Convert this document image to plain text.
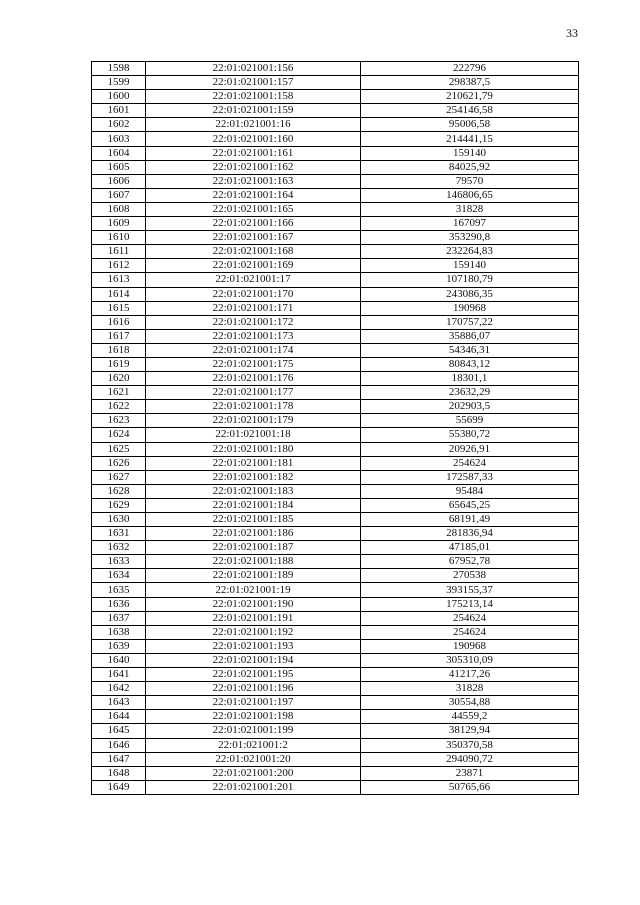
33
1598	22:01:021001:156	222796
1599	22:01:021001:157	298387,5
1600	22:01:021001:158	210621,79
1601	22:01:021001:159	254146,58
1602	22:01:021001:16	95006,58
1603	22:01:021001:160	214441,15
1604	22:01:021001:161	159140
1605	22:01:021001:162	84025,92
1606	22:01:021001:163	79570
1607	22:01:021001:164	146806,65
1608	22:01:021001:165	31828
1609	22:01:021001:166	167097
1610	22:01:021001:167	353290,8
1611	22:01:021001:168	232264,83
1612	22:01:021001:169	159140
1613	22:01:021001:17	107180,79
1614	22:01:021001:170	243086,35
1615	22:01:021001:171	190968
1616	22:01:021001:172	170757,22
1617	22:01:021001:173	35886,07
1618	22:01:021001:174	54346,31
1619	22:01:021001:175	80843,12
1620	22:01:021001:176	18301,1
1621	22:01:021001:177	23632,29
1622	22:01:021001:178	202903,5
1623	22:01:021001:179	55699
1624	22:01:021001:18	55380,72
1625	22:01:021001:180	20926,91
1626	22:01:021001:181	254624
1627	22:01:021001:182	172587,33
1628	22:01:021001:183	95484
1629	22:01:021001:184	65645,25
1630	22:01:021001:185	68191,49
1631	22:01:021001:186	281836,94
1632	22:01:021001:187	47185,01
1633	22:01:021001:188	67952,78
1634	22:01:021001:189	270538
1635	22:01:021001:19	393155,37
1636	22:01:021001:190	175213,14
1637	22:01:021001:191	254624
1638	22:01:021001:192	254624
1639	22:01:021001:193	190968
1640	22:01:021001:194	305310,09
1641	22:01:021001:195	41217,26
1642	22:01:021001:196	31828
1643	22:01:021001:197	30554,88
1644	22:01:021001:198	44559,2
1645	22:01:021001:199	38129,94
1646	22:01:021001:2	350370,58
1647	22:01:021001:20	294090,72
1648	22:01:021001:200	23871
1649	22:01:021001:201	50765,66
